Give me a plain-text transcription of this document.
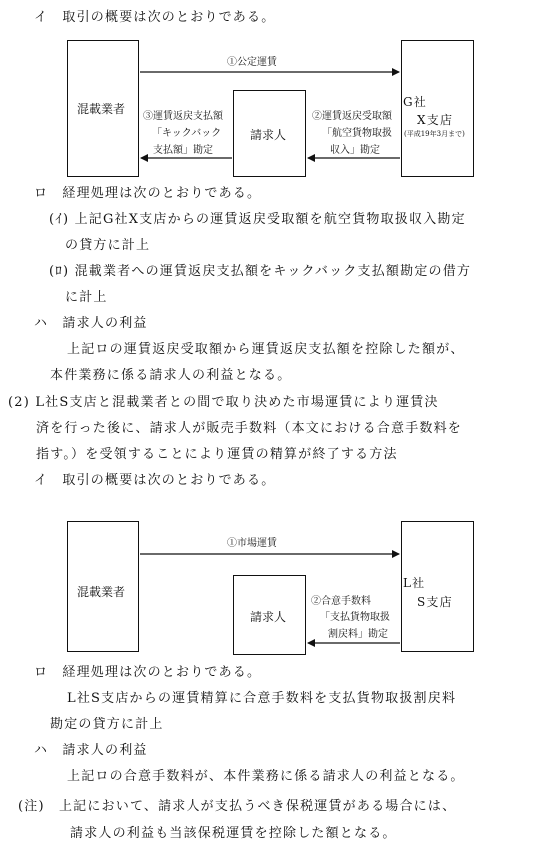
イ　取引の概要は次のとおりである。
混載業者
請求人
G社
X支店
(平成19年3月まで)
①公定運賃
③運賃返戻支払額
「キックバック
支払額」勘定
②運賃返戻受取額
「航空貨物取扱
収入」勘定
ロ　経理処理は次のとおりである。
(ｲ) 上記G社X支店からの運賃返戻受取額を航空貨物取扱収入勘定
の貸方に計上
(ﾛ) 混載業者への運賃返戻支払額をキックバック支払額勘定の借方
に計上
ハ　請求人の利益
上記ロの運賃返戻受取額から運賃返戻支払額を控除した額が、
本件業務に係る請求人の利益となる。
(2) L社S支店と混載業者との間で取り決めた市場運賃により運賃決
済を行った後に、請求人が販売手数料（本文における合意手数料を
指す。）を受領することにより運賃の精算が終了する方法
イ　取引の概要は次のとおりである。
混載業者
請求人
L社
S支店
①市場運賃
②合意手数料
「支払貨物取扱
割戻料」勘定
ロ　経理処理は次のとおりである。
L社S支店からの運賃精算に合意手数料を支払貨物取扱割戻料
勘定の貸方に計上
ハ　請求人の利益
上記ロの合意手数料が、本件業務に係る請求人の利益となる。
(注)　上記において、請求人が支払うべき保税運賃がある場合には、
請求人の利益も当該保税運賃を控除した額となる。
